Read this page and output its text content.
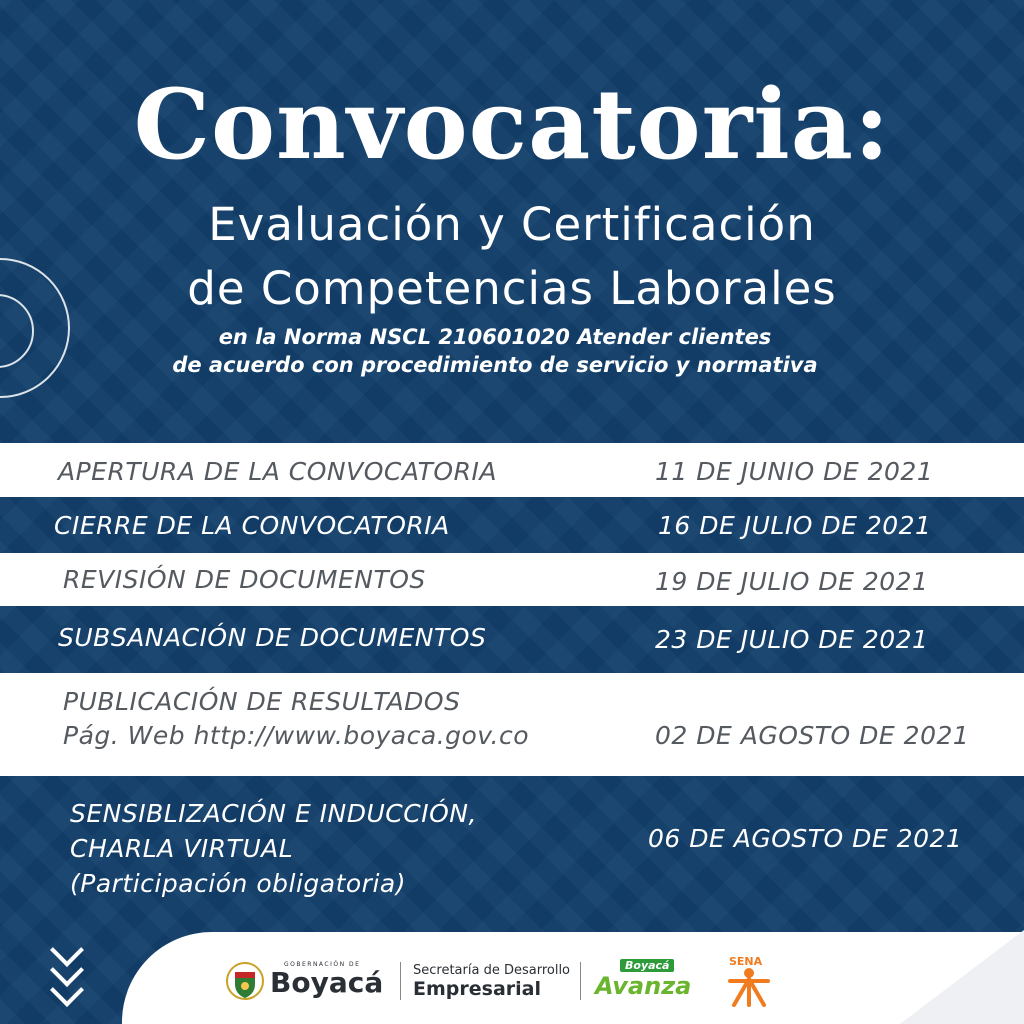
Convocatoria:

Evaluación y Certificación

de Competencias Laborales

en la Norma NSCL 210601020 Atender clientes

de acuerdo con procedimiento de servicio y normativa

APERTURA DE LA CONVOCATORIA	11 DE JUNIO DE 2021
CIERRE DE LA CONVOCATORIA	16 DE JULIO DE 2021
REVISIÓN DE DOCUMENTOS	19 DE JULIO DE 2021
SUBSANACIÓN DE DOCUMENTOS	23 DE JULIO DE 2021
PUBLICACIÓN DE RESULTADOS
Pág. Web http://www.boyaca.gov.co	02 DE AGOSTO DE 2021
SENSIBLIZACIÓN E INDUCCIÓN,
CHARLA VIRTUAL
(Participación obligatoria)
06 DE AGOSTO DE 2021
GOBERNACIÓN DE
Boyacá Secretaría de Desarrollo
Empresarial
Boyacá
Avanza
SENA
